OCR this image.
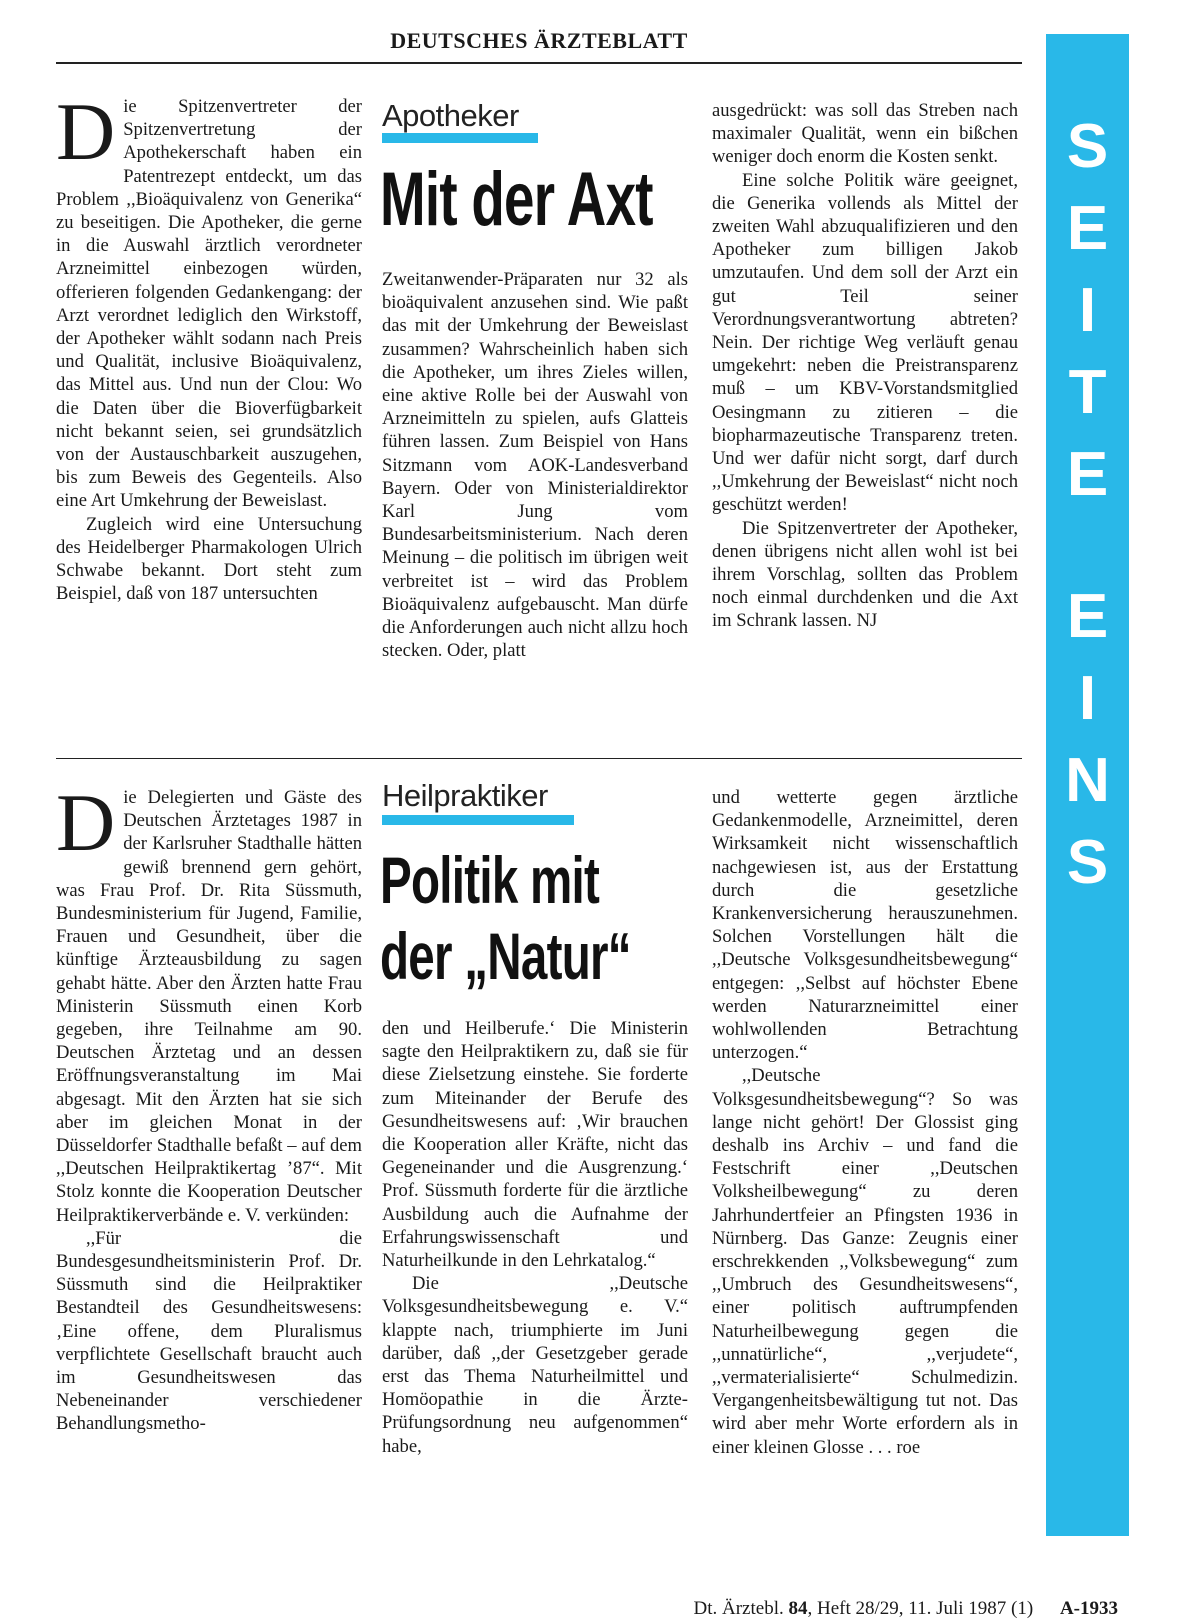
DEUTSCHES ÄRZTEBLATT
S
E
I
T
E
E
I
N
S
D ie Spitzenvertreter der Spitzenvertretung der Apothekerschaft haben ein Patentrezept entdeckt, um das Problem ,,Bioäquivalenz von Generika“ zu beseitigen. Die Apotheker, die gerne in die Auswahl ärztlich verordneter Arzneimittel einbezogen würden, offerieren folgenden Gedankengang: der Arzt verordnet lediglich den Wirkstoff, der Apotheker wählt sodann nach Preis und Qualität, inclusive Bioäquivalenz, das Mittel aus. Und nun der Clou: Wo die Daten über die Bioverfügbarkeit nicht bekannt seien, sei grundsätzlich von der Austauschbarkeit auszugehen, bis zum Beweis des Gegenteils. Also eine Art Umkehrung der Beweislast.

Zugleich wird eine Untersuchung des Heidelberger Pharmakologen Ulrich Schwabe bekannt. Dort steht zum Beispiel, daß von 187 untersuchten

Apotheker
Mit der Axt

Zweitanwender-Präparaten nur 32 als bioäquivalent anzusehen sind. Wie paßt das mit der Umkehrung der Beweislast zusammen? Wahrscheinlich haben sich die Apotheker, um ihres Zieles willen, eine aktive Rolle bei der Auswahl von Arzneimitteln zu spielen, aufs Glatteis führen lassen. Zum Beispiel von Hans Sitzmann vom AOK-Landesverband Bayern. Oder von Ministerialdirektor Karl Jung vom Bundesarbeitsministerium. Nach deren Meinung – die politisch im übrigen weit verbreitet ist – wird das Problem Bioäquivalenz aufgebauscht. Man dürfe die Anforderungen auch nicht allzu hoch stecken. Oder, platt

ausgedrückt: was soll das Streben nach maximaler Qualität, wenn ein bißchen weniger doch enorm die Kosten senkt.

Eine solche Politik wäre geeignet, die Generika vollends als Mittel der zweiten Wahl abzuqualifizieren und den Apotheker zum billigen Jakob umzutaufen. Und dem soll der Arzt ein gut Teil seiner Verordnungsverantwortung abtreten? Nein. Der richtige Weg verläuft genau umgekehrt: neben die Preistransparenz muß – um KBV-Vorstandsmitglied Oesingmann zu zitieren – die biopharmazeutische Transparenz treten. Und wer dafür nicht sorgt, darf durch ,,Umkehrung der Beweislast“ nicht noch geschützt werden!

Die Spitzenvertreter der Apotheker, denen übrigens nicht allen wohl ist bei ihrem Vorschlag, sollten das Problem noch einmal durchdenken und die Axt im Schrank lassen. NJ

D ie Delegierten und Gäste des Deutschen Ärztetages 1987 in der Karlsruher Stadthalle hätten gewiß brennend gern gehört, was Frau Prof. Dr. Rita Süssmuth, Bundesministerium für Jugend, Familie, Frauen und Gesundheit, über die künftige Ärzteausbildung zu sagen gehabt hätte. Aber den Ärzten hatte Frau Ministerin Süssmuth einen Korb gegeben, ihre Teilnahme am 90. Deutschen Ärztetag und an dessen Eröffnungsveranstaltung im Mai abgesagt. Mit den Ärzten hat sie sich aber im gleichen Monat in der Düsseldorfer Stadthalle befaßt – auf dem ,,Deutschen Heilpraktikertag ’87“. Mit Stolz konnte die Kooperation Deutscher Heilpraktikerverbände e. V. verkünden:

,,Für die Bundesgesundheitsministerin Prof. Dr. Süssmuth sind die Heilpraktiker Bestandteil des Gesundheitswesens: ‚Eine offene, dem Pluralismus verpflichtete Gesellschaft braucht auch im Gesundheitswesen das Nebeneinander verschiedener Behandlungsmetho-

Heilpraktiker
Politik mit
der „Natur“

den und Heilberufe.‘ Die Ministerin sagte den Heilpraktikern zu, daß sie für diese Zielsetzung einstehe. Sie forderte zum Miteinander der Berufe des Gesundheitswesens auf: ‚Wir brauchen die Kooperation aller Kräfte, nicht das Gegeneinander und die Ausgrenzung.‘ Prof. Süssmuth forderte für die ärztliche Ausbildung auch die Aufnahme der Erfahrungswissenschaft und Naturheilkunde in den Lehrkatalog.“

Die ,,Deutsche Volksgesundheitsbewegung e. V.“ klappte nach, triumphierte im Juni darüber, daß ,,der Gesetzgeber gerade erst das Thema Naturheilmittel und Homöopathie in die Ärzte-Prüfungsordnung neu aufgenommen“ habe,

und wetterte gegen ärztliche Gedankenmodelle, Arzneimittel, deren Wirksamkeit nicht wissenschaftlich nachgewiesen ist, aus der Erstattung durch die gesetzliche Krankenversicherung herauszunehmen. Solchen Vorstellungen hält die ,,Deutsche Volksgesundheitsbewegung“ entgegen: ,,Selbst auf höchster Ebene werden Naturarzneimittel einer wohlwollenden Betrachtung unterzogen.“

,,Deutsche Volksgesundheitsbewegung“? So was lange nicht gehört! Der Glossist ging deshalb ins Archiv – und fand die Festschrift einer ,,Deutschen Volksheilbewegung“ zu deren Jahrhundertfeier an Pfingsten 1936 in Nürnberg. Das Ganze: Zeugnis einer erschrekkenden ,,Volksbewegung“ zum ,,Umbruch des Gesundheitswesens“, einer politisch auftrumpfenden Naturheilbewegung gegen die ,,unnatürliche“, ,,verjudete“, ,,vermaterialisierte“ Schulmedizin. Vergangenheitsbewältigung tut not. Das wird aber mehr Worte erfordern als in einer kleinen Glosse . . . roe

Dt. Ärztebl. 84, Heft 28/29, 11. Juli 1987 (1) A-1933
